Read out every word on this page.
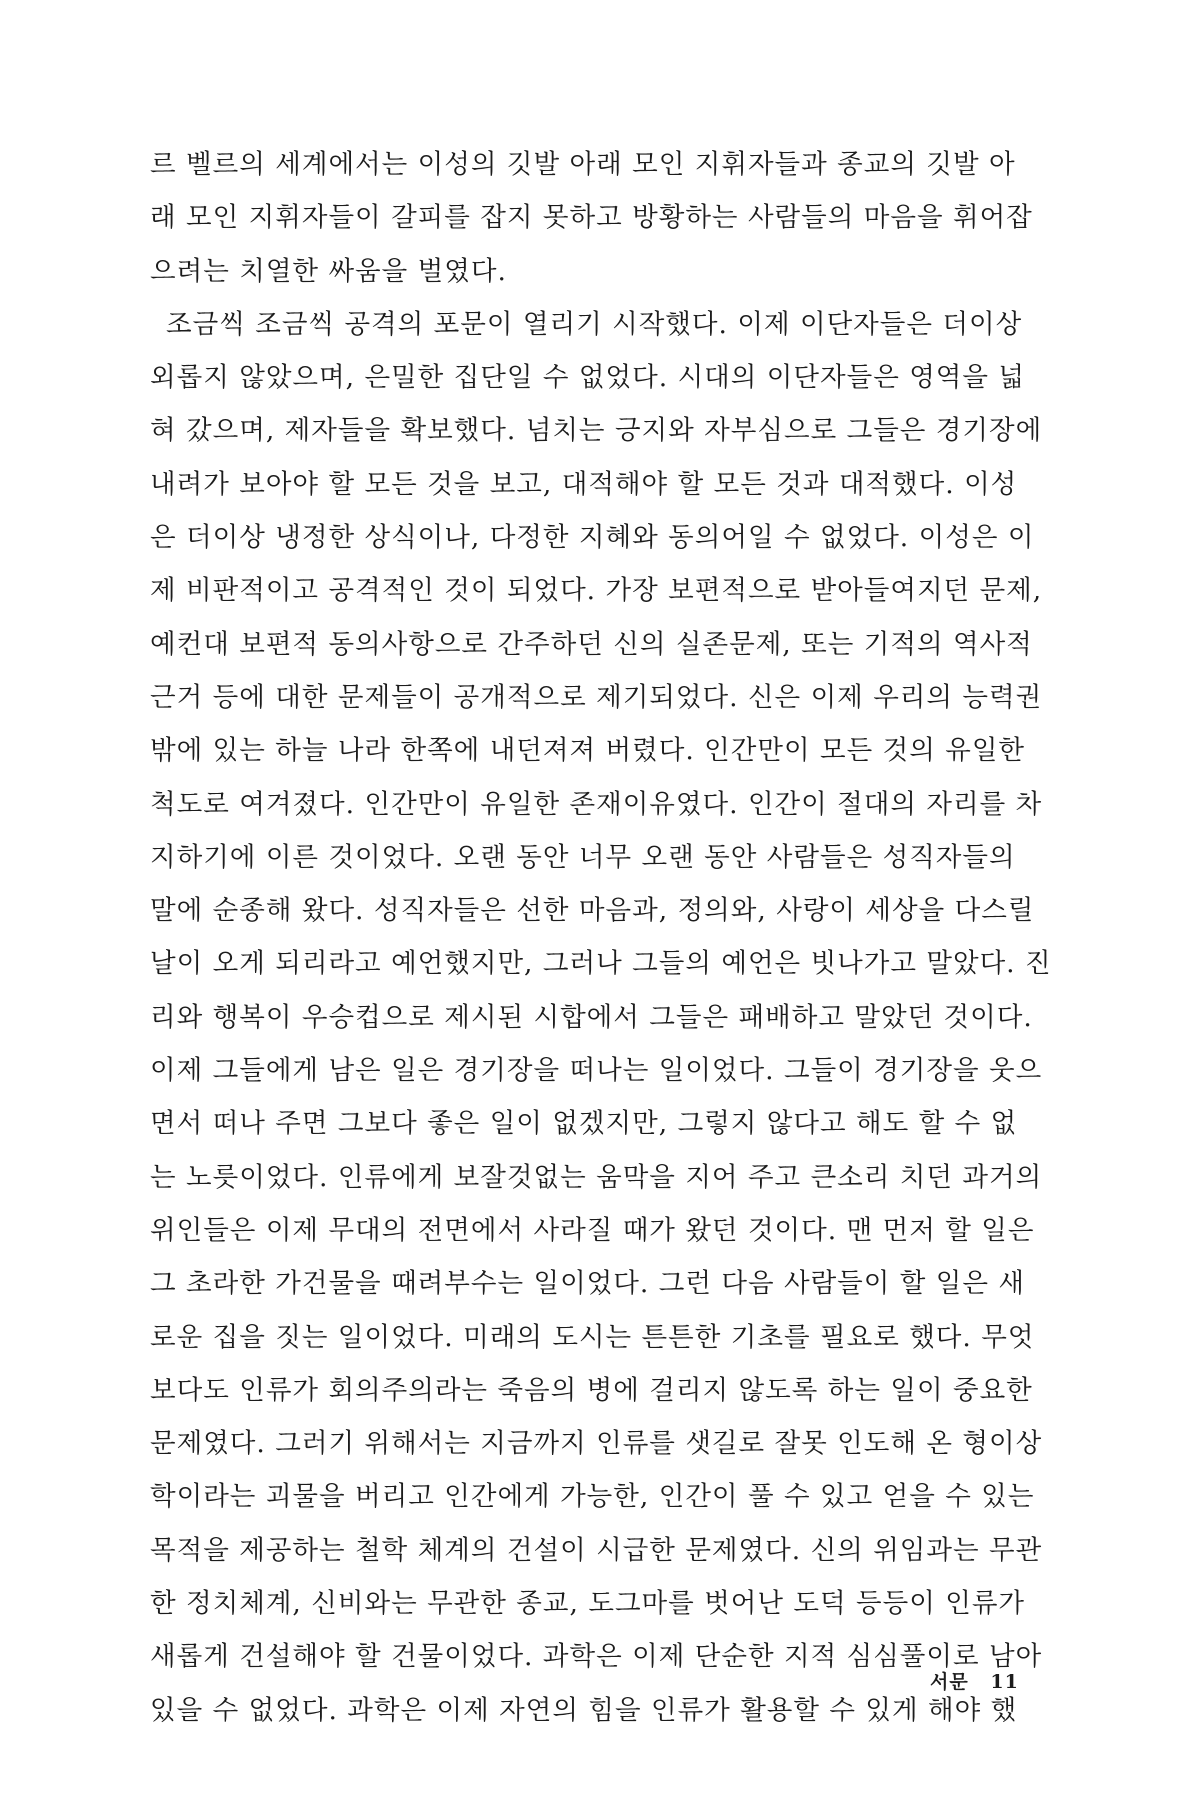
르 벨르의 세계에서는 이성의 깃발 아래 모인 지휘자들과 종교의 깃발 아
래 모인 지휘자들이 갈피를 잡지 못하고 방황하는 사람들의 마음을 휘어잡
으려는 치열한 싸움을 벌였다.
조금씩 조금씩 공격의 포문이 열리기 시작했다. 이제 이단자들은 더이상
외롭지 않았으며, 은밀한 집단일 수 없었다. 시대의 이단자들은 영역을 넓
혀 갔으며, 제자들을 확보했다. 넘치는 긍지와 자부심으로 그들은 경기장에
내려가 보아야 할 모든 것을 보고, 대적해야 할 모든 것과 대적했다. 이성
은 더이상 냉정한 상식이나, 다정한 지혜와 동의어일 수 없었다. 이성은 이
제 비판적이고 공격적인 것이 되었다. 가장 보편적으로 받아들여지던 문제,
예컨대 보편적 동의사항으로 간주하던 신의 실존문제, 또는 기적의 역사적
근거 등에 대한 문제들이 공개적으로 제기되었다. 신은 이제 우리의 능력권
밖에 있는 하늘 나라 한쪽에 내던져져 버렸다. 인간만이 모든 것의 유일한
척도로 여겨졌다. 인간만이 유일한 존재이유였다. 인간이 절대의 자리를 차
지하기에 이른 것이었다. 오랜 동안 너무 오랜 동안 사람들은 성직자들의
말에 순종해 왔다. 성직자들은 선한 마음과, 정의와, 사랑이 세상을 다스릴
날이 오게 되리라고 예언했지만, 그러나 그들의 예언은 빗나가고 말았다. 진
리와 행복이 우승컵으로 제시된 시합에서 그들은 패배하고 말았던 것이다.
이제 그들에게 남은 일은 경기장을 떠나는 일이었다. 그들이 경기장을 웃으
면서 떠나 주면 그보다 좋은 일이 없겠지만, 그렇지 않다고 해도 할 수 없
는 노릇이었다. 인류에게 보잘것없는 움막을 지어 주고 큰소리 치던 과거의
위인들은 이제 무대의 전면에서 사라질 때가 왔던 것이다. 맨 먼저 할 일은
그 초라한 가건물을 때려부수는 일이었다. 그런 다음 사람들이 할 일은 새
로운 집을 짓는 일이었다. 미래의 도시는 튼튼한 기초를 필요로 했다. 무엇
보다도 인류가 회의주의라는 죽음의 병에 걸리지 않도록 하는 일이 중요한
문제였다. 그러기 위해서는 지금까지 인류를 샛길로 잘못 인도해 온 형이상
학이라는 괴물을 버리고 인간에게 가능한, 인간이 풀 수 있고 얻을 수 있는
목적을 제공하는 철학 체계의 건설이 시급한 문제였다. 신의 위임과는 무관
한 정치체계, 신비와는 무관한 종교, 도그마를 벗어난 도덕 등등이 인류가
새롭게 건설해야 할 건물이었다. 과학은 이제 단순한 지적 심심풀이로 남아
있을 수 없었다. 과학은 이제 자연의 힘을 인류가 활용할 수 있게 해야 했
서문 11
